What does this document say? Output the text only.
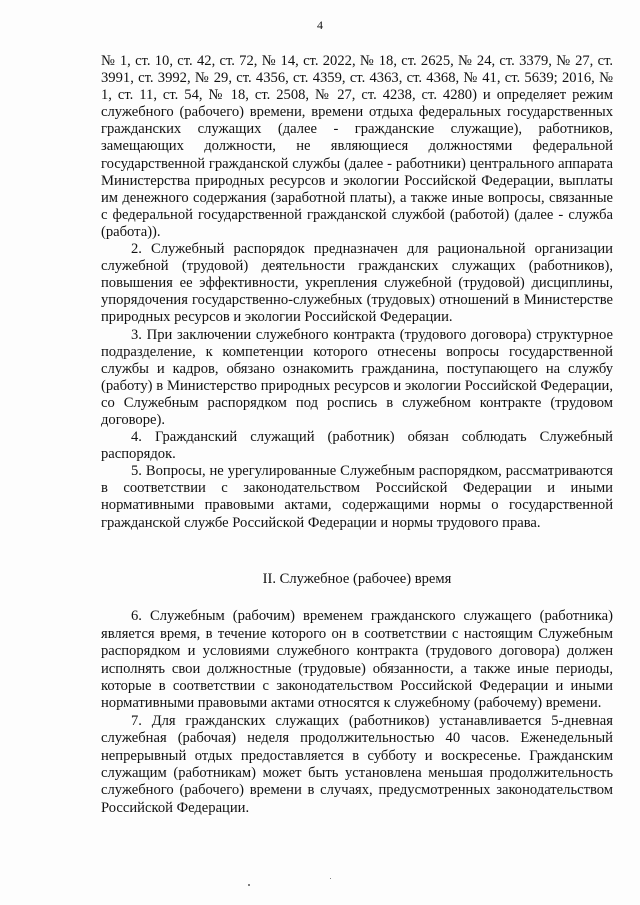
4

№ 1, ст. 10, ст. 42, ст. 72, № 14, ст. 2022, № 18, ст. 2625, № 24, ст. 3379, № 27, ст. 3991, ст. 3992, № 29, ст. 4356, ст. 4359, ст. 4363, ст. 4368, № 41, ст. 5639; 2016, № 1, ст. 11, ст. 54, № 18, ст. 2508, № 27, ст. 4238, ст. 4280) и определяет режим служебного (рабочего) времени, времени отдыха федеральных государственных гражданских служащих (далее - гражданские служащие), работников, замещающих должности, не являющиеся должностями федеральной государственной гражданской службы (далее - работники) центрального аппарата Министерства природных ресурсов и экологии Российской Федерации, выплаты им денежного содержания (заработной платы), а также иные вопросы, связанные с федеральной государственной гражданской службой (работой) (далее - служба (работа)).

2. Служебный распорядок предназначен для рациональной организации служебной (трудовой) деятельности гражданских служащих (работников), повышения ее эффективности, укрепления служебной (трудовой) дисциплины, упорядочения государственно-служебных (трудовых) отношений в Министерстве природных ресурсов и экологии Российской Федерации.

3. При заключении служебного контракта (трудового договора) структурное подразделение, к компетенции которого отнесены вопросы государственной службы и кадров, обязано ознакомить гражданина, поступающего на службу (работу) в Министерство природных ресурсов и экологии Российской Федерации, со Служебным распорядком под роспись в служебном контракте (трудовом договоре).

4. Гражданский служащий (работник) обязан соблюдать Служебный распорядок.

5. Вопросы, не урегулированные Служебным распорядком, рассматриваются в соответствии с законодательством Российской Федерации и иными нормативными правовыми актами, содержащими нормы о государственной гражданской службе Российской Федерации и нормы трудового права.

II. Служебное (рабочее) время

6. Служебным (рабочим) временем гражданского служащего (работника) является время, в течение которого он в соответствии с настоящим Служебным распорядком и условиями служебного контракта (трудового договора) должен исполнять свои должностные (трудовые) обязанности, а также иные периоды, которые в соответствии с законодательством Российской Федерации и иными нормативными правовыми актами относятся к служебному (рабочему) времени.

7. Для гражданских служащих (работников) устанавливается 5-дневная служебная (рабочая) неделя продолжительностью 40 часов. Еженедельный непрерывный отдых предоставляется в субботу и воскресенье. Гражданским служащим (работникам) может быть установлена меньшая продолжительность служебного (рабочего) времени в случаях, предусмотренных законодательством Российской Федерации.
